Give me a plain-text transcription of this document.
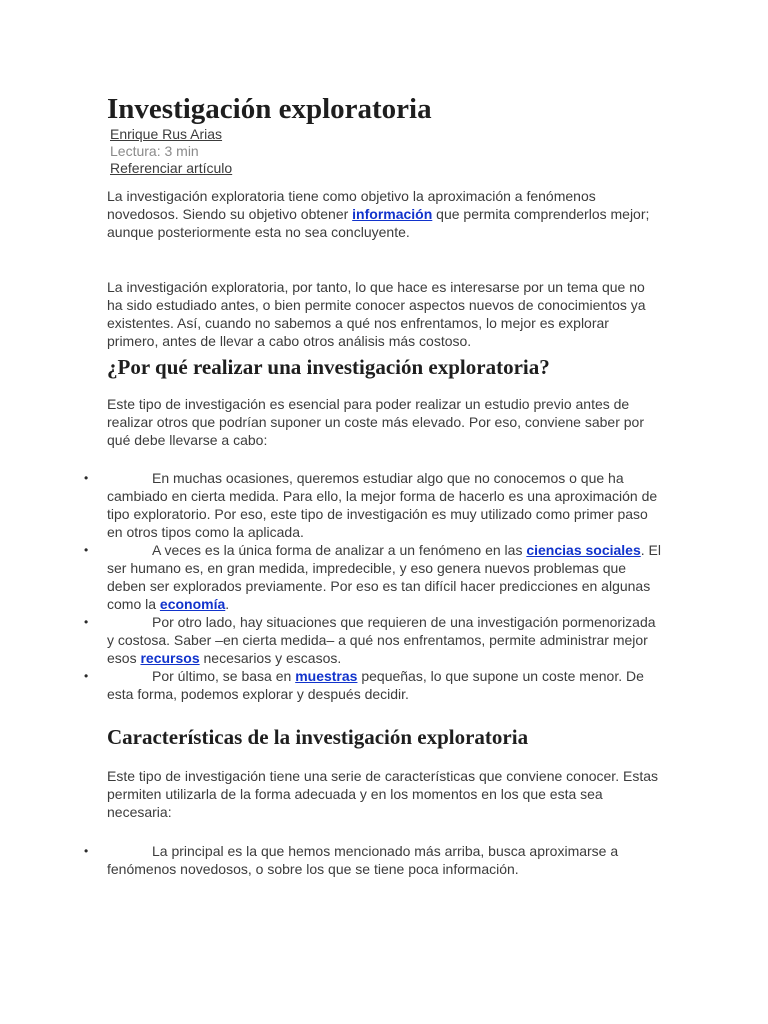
Investigación exploratoria
Enrique Rus Arias
Lectura: 3 min
Referenciar artículo

La investigación exploratoria tiene como objetivo la aproximación a fenómenos novedosos. Siendo su objetivo obtener información que permita comprenderlos mejor; aunque posteriormente esta no sea concluyente.

La investigación exploratoria, por tanto, lo que hace es interesarse por un tema que no ha sido estudiado antes, o bien permite conocer aspectos nuevos de conocimientos ya existentes. Así, cuando no sabemos a qué nos enfrentamos, lo mejor es explorar primero, antes de llevar a cabo otros análisis más costoso.

¿Por qué realizar una investigación exploratoria?

Este tipo de investigación es esencial para poder realizar un estudio previo antes de realizar otros que podrían suponer un coste más elevado. Por eso, conviene saber por qué debe llevarse a cabo:

•	En muchas ocasiones, queremos estudiar algo que no conocemos o que ha cambiado en cierta medida. Para ello, la mejor forma de hacerlo es una aproximación de tipo exploratorio. Por eso, este tipo de investigación es muy utilizado como primer paso en otros tipos como la aplicada.
•	A veces es la única forma de analizar a un fenómeno en las ciencias sociales. El ser humano es, en gran medida, impredecible, y eso genera nuevos problemas que deben ser explorados previamente. Por eso es tan difícil hacer predicciones en algunas como la economía.
•	Por otro lado, hay situaciones que requieren de una investigación pormenorizada y costosa. Saber –en cierta medida– a qué nos enfrentamos, permite administrar mejor esos recursos necesarios y escasos.
•	Por último, se basa en muestras pequeñas, lo que supone un coste menor. De esta forma, podemos explorar y después decidir.
Características de la investigación exploratoria

Este tipo de investigación tiene una serie de características que conviene conocer. Estas permiten utilizarla de la forma adecuada y en los momentos en los que esta sea necesaria:

•	La principal es la que hemos mencionado más arriba, busca aproximarse a fenómenos novedosos, o sobre los que se tiene poca información.
